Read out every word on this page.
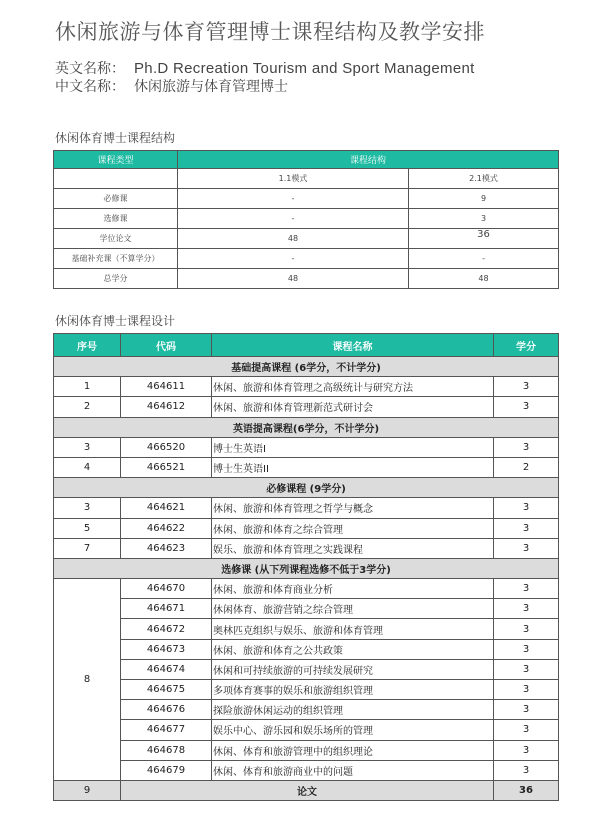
休闲旅游与体育管理博士课程结构及教学安排
英文名称： Ph.D Recreation Tourism and Sport Management
中文名称： 休闲旅游与体育管理博士
休闲体育博士课程结构
课程类型	课程结构	
	1.1模式	2.1模式
必修课	-	9
选修课	-	3
学位论文	48	36
基础补充课（不算学分）	-	-
总学分	48	48
休闲体育博士课程设计
序号	代码	课程名称	学分
基础提高课程 (6学分，不计学分)			
1	464611	休闲、旅游和体育管理之高级统计与研究方法	3
2	464612	休闲、旅游和体育管理新范式研讨会	3
英语提高课程(6学分，不计学分)			
3	466520	博士生英语I	3
4	466521	博士生英语II	2
必修课程 (9学分)			
3	464621	休闲、旅游和体育管理之哲学与概念	3
5	464622	休闲、旅游和体育之综合管理	3
7	464623	娱乐、旅游和体育管理之实践课程	3
选修课 (从下列课程选修不低于3学分)			
8	464670	休闲、旅游和体育商业分析	3
	464671	休闲体育、旅游营销之综合管理	3
	464672	奥林匹克组织与娱乐、旅游和体育管理	3
	464673	休闲、旅游和体育之公共政策	3
	464674	休闲和可持续旅游的可持续发展研究	3
	464675	多项体育赛事的娱乐和旅游组织管理	3
	464676	探险旅游休闲运动的组织管理	3
	464677	娱乐中心、游乐园和娱乐场所的管理	3
	464678	休闲、体育和旅游管理中的组织理论	3
	464679	休闲、体育和旅游商业中的问题	3
9	论文		36
